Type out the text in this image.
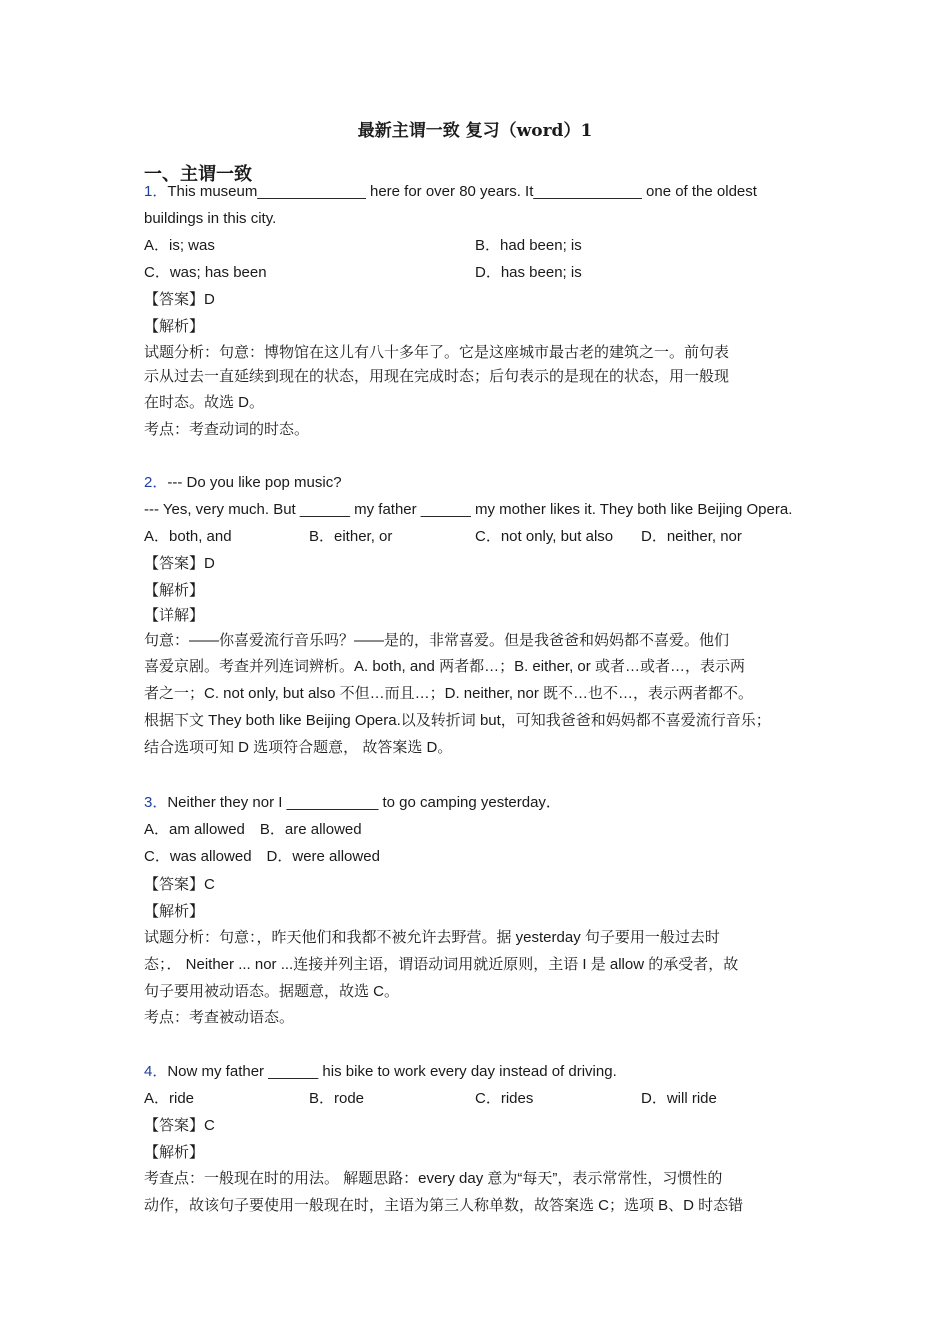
最新主谓一致 复习（word）1
一、主谓一致
1．This museum_____________ here for over 80 years. It_____________ one of the oldest
buildings in this city.
A．is; was	B．had been; is
C．was; has been	D．has been; is
【答案】D
【解析】
试题分析：句意：博物馆在这儿有八十多年了。它是这座城市最古老的建筑之一。前句表
示从过去一直延续到现在的状态，用现在完成时态；后句表示的是现在的状态，用一般现
在时态。故选 D。
考点：考查动词的时态。
2．--- Do you like pop music?
--- Yes, very much. But ______ my father ______ my mother likes it. They both like Beijing Opera.
A．both, and	B．either, or	C．not only, but also D．neither, nor
【答案】D
【解析】
【详解】
句意：——你喜爱流行音乐吗？——是的，非常喜爱。但是我爸爸和妈妈都不喜爱。他们
喜爱京剧。考查并列连词辨析。A. both, and 两者都…；B. either, or 或者…或者…，表示两
者之一；C. not only, but also 不但…而且…；D. neither, nor 既不…也不…，表示两者都不。
根据下文 They both like Beijing Opera.以及转折词 but，可知我爸爸和妈妈都不喜爱流行音乐；
结合选项可知 D 选项符合题意， 故答案选 D。
3．Neither they nor I ___________ to go camping yesterday．
A．am allowed　B．are allowed
C．was allowed　D．were allowed
【答案】C
【解析】
试题分析：句意：，昨天他们和我都不被允许去野营。据 yesterday 句子要用一般过去时
态；． Neither ... nor ...连接并列主语，谓语动词用就近原则，主语 I 是 allow 的承受者，故
句子要用被动语态。据题意，故选 C。
考点：考查被动语态。
4．Now my father ______ his bike to work every day instead of driving.
A．ride	B．rode	C．rides	D．will ride
【答案】C
【解析】
考查点：一般现在时的用法。 解题思路：every day 意为“每天”，表示常常性，习惯性的
动作，故该句子要使用一般现在时，主语为第三人称单数，故答案选 C；选项 B、D 时态错
